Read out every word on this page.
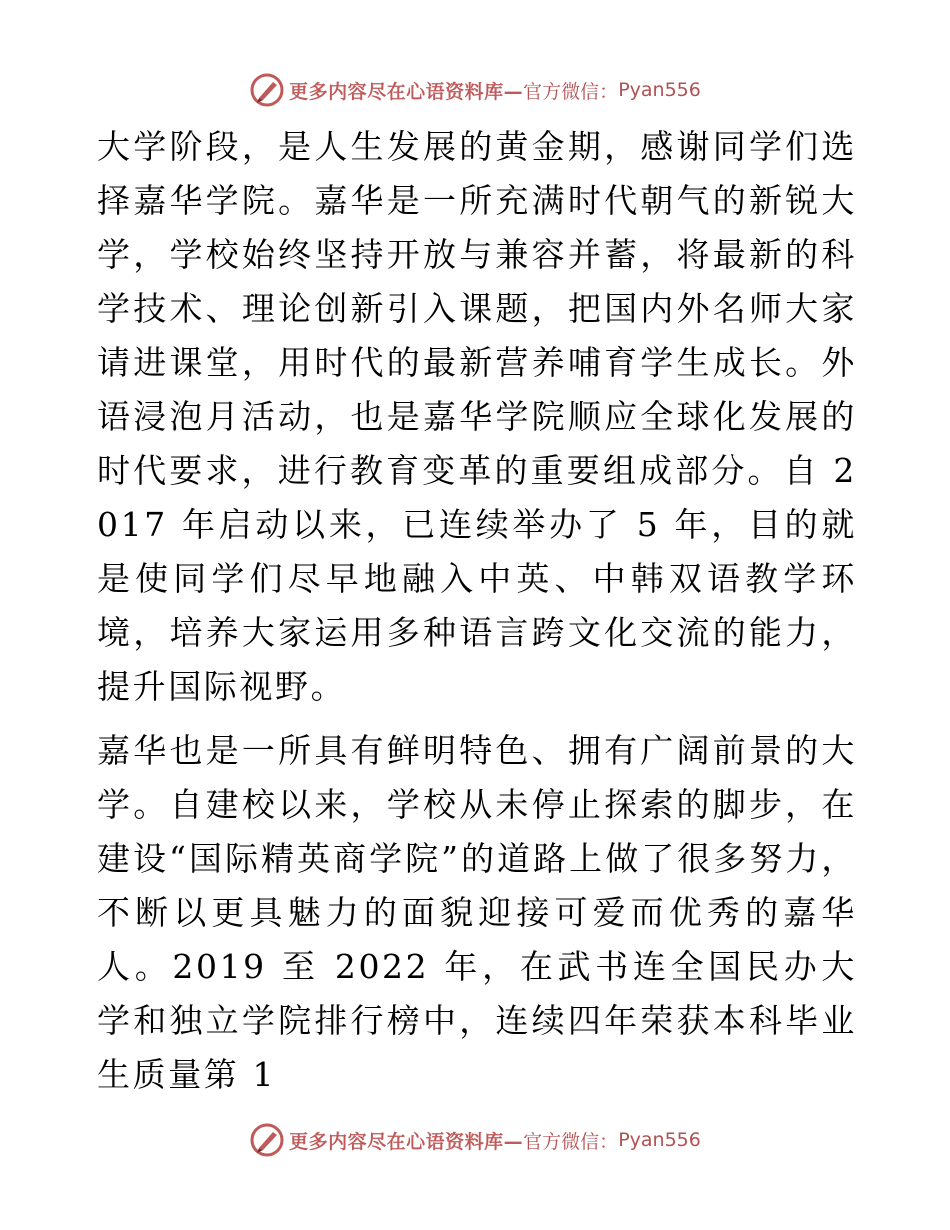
更多内容尽在心语资料库— 官方微信： Pyan556

大学阶段，是人生发展的黄金期，感谢同学们选择嘉华学院。嘉华是一所充满时代朝气的新锐大学，学校始终坚持开放与兼容并蓄，将最新的科学技术、理论创新引入课题，把国内外名师大家请进课堂，用时代的最新营养哺育学生成长。外语浸泡月活动，也是嘉华学院顺应全球化发展的时代要求，进行教育变革的重要组成部分。自 2017 年启动以来，已连续举办了 5 年，目的就是使同学们尽早地融入中英、中韩双语教学环境，培养大家运用多种语言跨文化交流的能力，提升国际视野。

嘉华也是一所具有鲜明特色、拥有广阔前景的大学。自建校以来，学校从未停止探索的脚步，在建设“国际精英商学院”的道路上做了很多努力，不断以更具魅力的面貌迎接可爱而优秀的嘉华人。2019 至 2022 年，在武书连全国民办大学和独立学院排行榜中，连续四年荣获本科毕业生质量第 1

更多内容尽在心语资料库— 官方微信： Pyan556
